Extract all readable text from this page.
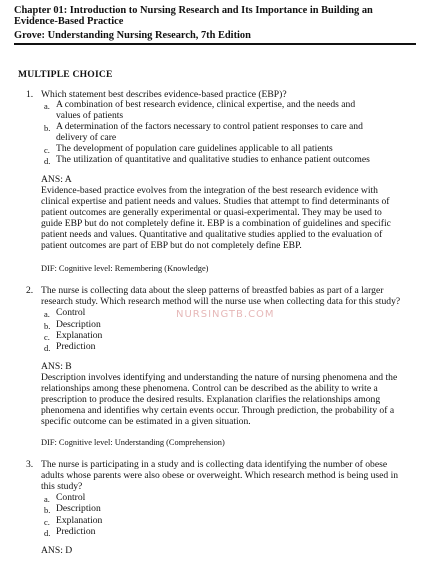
Chapter 01: Introduction to Nursing Research and Its Importance in Building an
Evidence-Based Practice
Grove: Understanding Nursing Research, 7th Edition
MULTIPLE CHOICE
1. Which statement best describes evidence-based practice (EBP)?
a. A combination of best research evidence, clinical expertise, and the needs and
values of patients
b. A determination of the factors necessary to control patient responses to care and
delivery of care
c. The development of population care guidelines applicable to all patients
d. The utilization of quantitative and qualitative studies to enhance patient outcomes
ANS: A
Evidence-based practice evolves from the integration of the best research evidence with
clinical expertise and patient needs and values. Studies that attempt to find determinants of
patient outcomes are generally experimental or quasi-experimental. They may be used to
guide EBP but do not completely define it. EBP is a combination of guidelines and specific
patient needs and values. Quantitative and qualitative studies applied to the evaluation of
patient outcomes are part of EBP but do not completely define EBP.
DIF: Cognitive level: Remembering (Knowledge)
2. The nurse is collecting data about the sleep patterns of breastfed babies as part of a larger
research study. Which research method will the nurse use when collecting data for this study?
NURSINGTB.COM
a. Control
b. Description
c. Explanation
d. Prediction
ANS: B
Description involves identifying and understanding the nature of nursing phenomena and the
relationships among these phenomena. Control can be described as the ability to write a
prescription to produce the desired results. Explanation clarifies the relationships among
phenomena and identifies why certain events occur. Through prediction, the probability of a
specific outcome can be estimated in a given situation.
DIF: Cognitive level: Understanding (Comprehension)
3. The nurse is participating in a study and is collecting data identifying the number of obese
adults whose parents were also obese or overweight. Which research method is being used in
this study?
a. Control
b. Description
c. Explanation
d. Prediction
ANS: D
